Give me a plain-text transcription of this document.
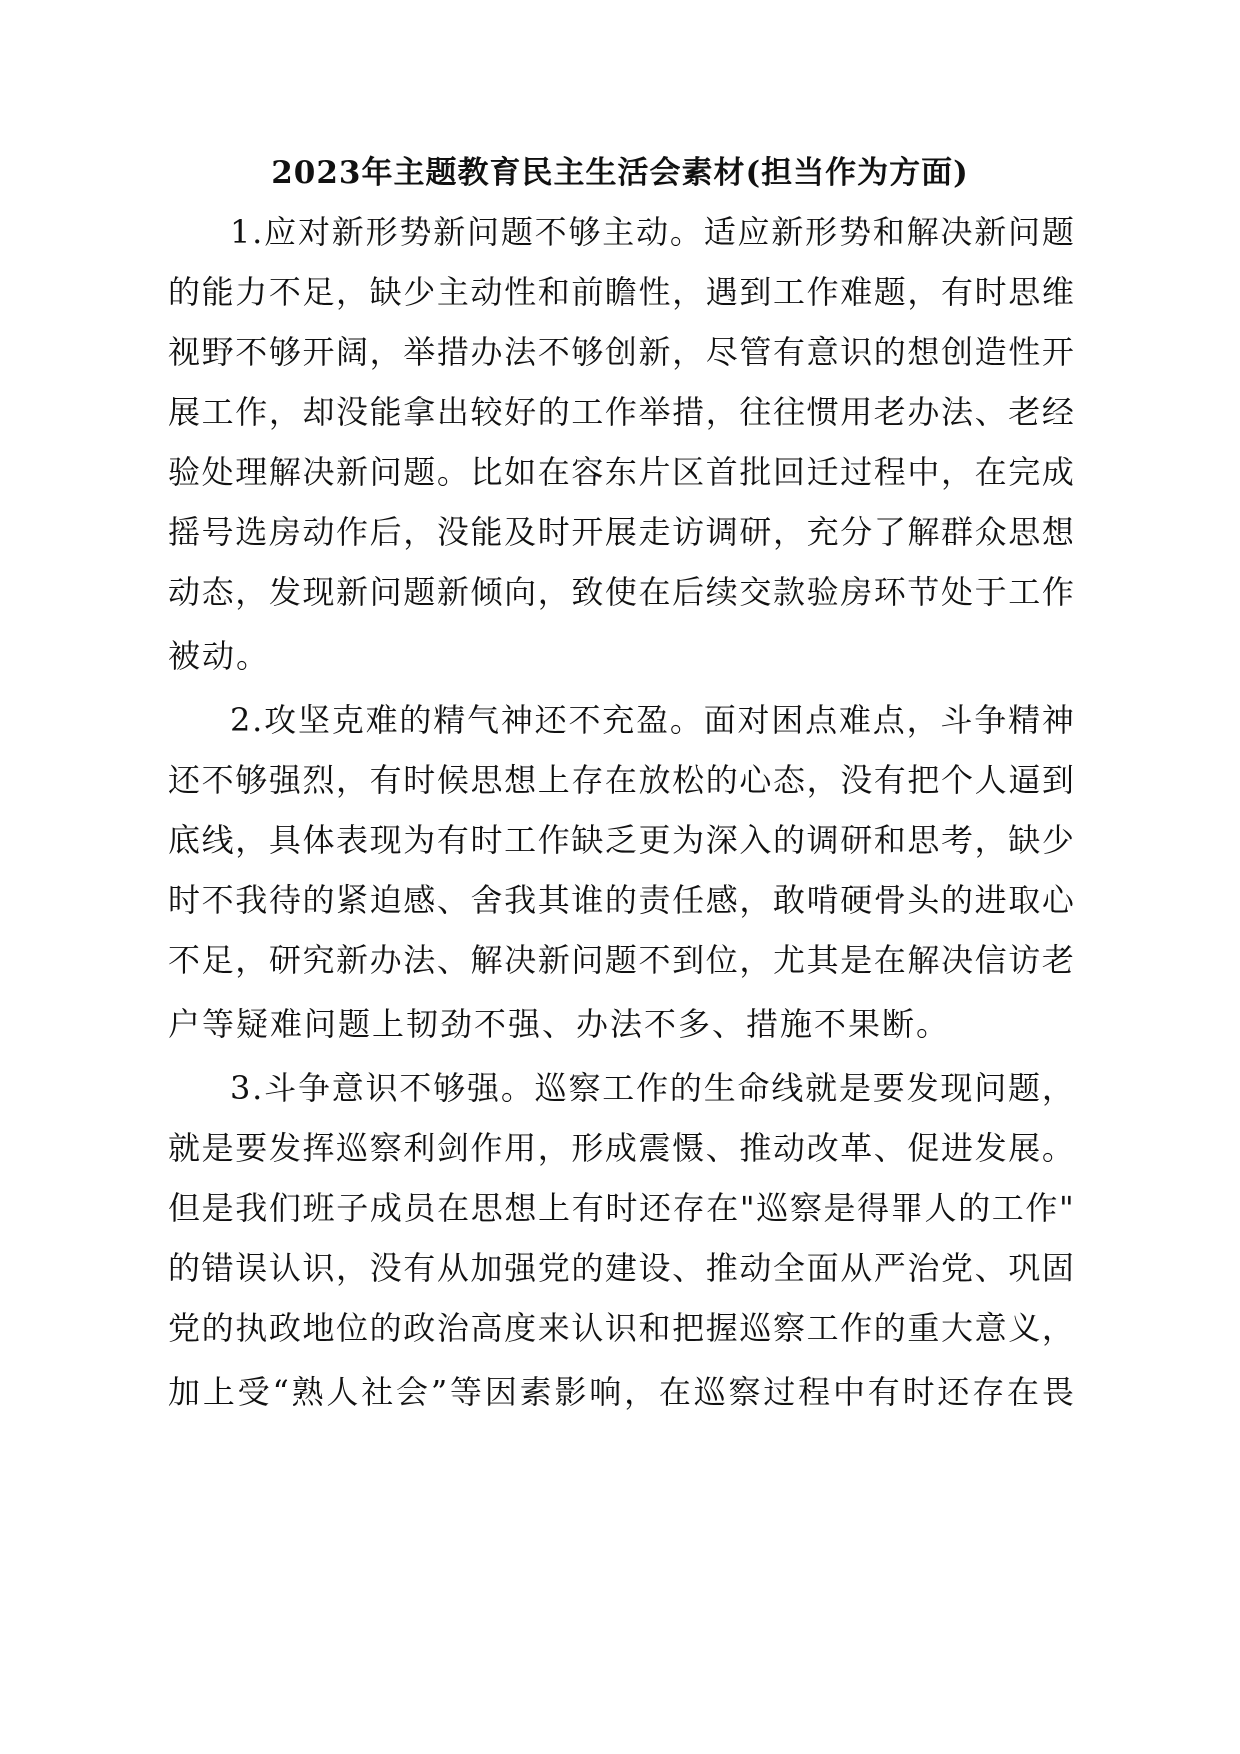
2023年主题教育民主生活会素材(担当作为方面)
1 . 应 对 新 形 势 新 问 题 不 够 主 动 。 适 应 新 形 势 和 解 决 新 问 题
的 能 力 不 足 ， 缺 少 主 动 性 和 前 瞻 性 ， 遇 到 工 作 难 题 ， 有 时 思 维
视 野 不 够 开 阔 ， 举 措 办 法 不 够 创 新 ， 尽 管 有 意 识 的 想 创 造 性 开
展 工 作 ， 却 没 能 拿 出 较 好 的 工 作 举 措 ， 往 往 惯 用 老 办 法 、 老 经
验 处 理 解 决 新 问 题 。 比 如 在 容 东 片 区 首 批 回 迁 过 程 中 ， 在 完 成
摇 号 选 房 动 作 后 ， 没 能 及 时 开 展 走 访 调 研 ， 充 分 了 解 群 众 思 想
动 态 ， 发 现 新 问 题 新 倾 向 ， 致 使 在 后 续 交 款 验 房 环 节 处 于 工 作
被动。
2 . 攻 坚 克 难 的 精 气 神 还 不 充 盈 。 面 对 困 点 难 点 ， 斗 争 精 神
还 不 够 强 烈 ， 有 时 候 思 想 上 存 在 放 松 的 心 态 ， 没 有 把 个 人 逼 到
底 线 ， 具 体 表 现 为 有 时 工 作 缺 乏 更 为 深 入 的 调 研 和 思 考 ， 缺 少
时 不 我 待 的 紧 迫 感 、 舍 我 其 谁 的 责 任 感 ， 敢 啃 硬 骨 头 的 进 取 心
不 足 ， 研 究 新 办 法 、 解 决 新 问 题 不 到 位 ， 尤 其 是 在 解 决 信 访 老
户等疑难问题上韧劲不强、办法不多、措施不果断。
3 . 斗 争 意 识 不 够 强 。 巡 察 工 作 的 生 命 线 就 是 要 发 现 问 题 ，
就 是 要 发 挥 巡 察 利 剑 作 用 ， 形 成 震 慑 、 推 动 改 革 、 促 进 发 展 。
但 是 我 们 班 子 成 员 在 思 想 上 有 时 还 存 在 " 巡 察 是 得 罪 人 的 工 作 "
的 错 误 认 识 ， 没 有 从 加 强 党 的 建 设 、 推 动 全 面 从 严 治 党 、 巩 固
党 的 执 政 地 位 的 政 治 高 度 来 认 识 和 把 握 巡 察 工 作 的 重 大 意 义 ，
加 上 受 “ 熟 人 社 会 ” 等 因 素 影 响 ， 在 巡 察 过 程 中 有 时 还 存 在 畏
